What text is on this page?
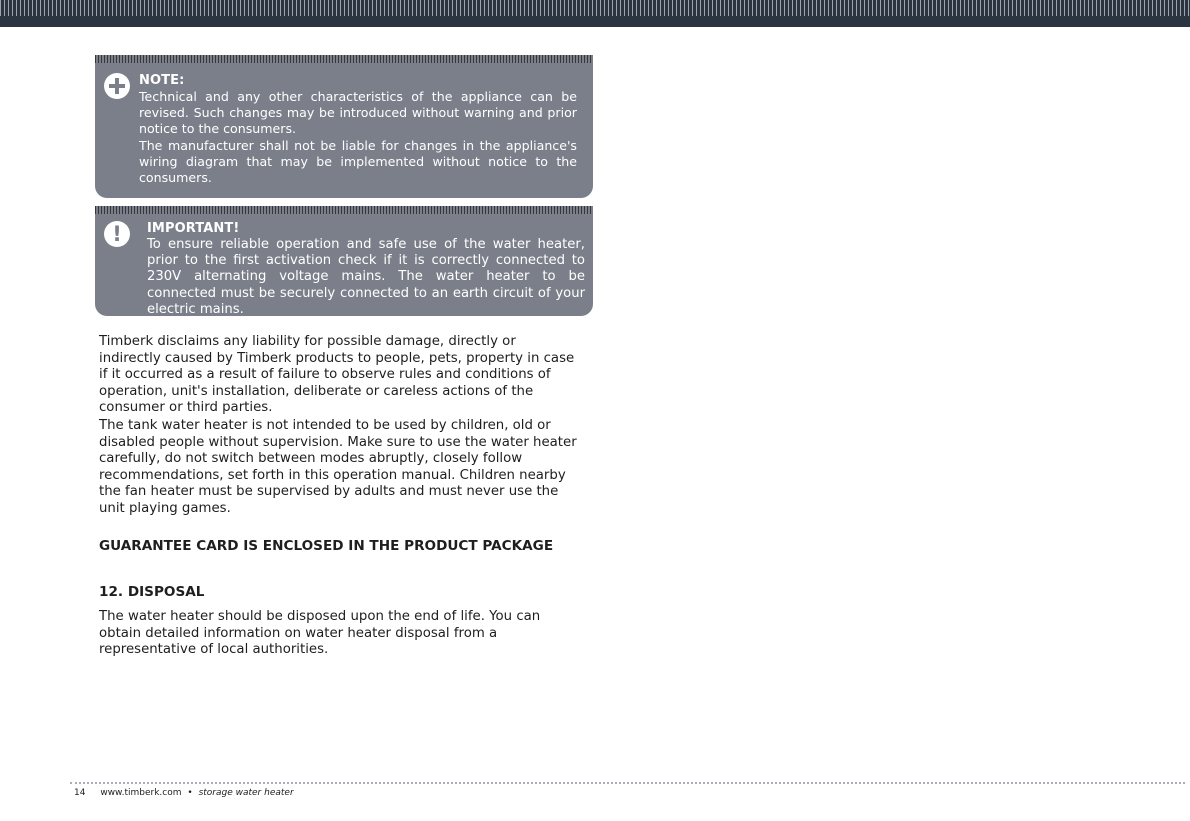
NOTE:

Technical and any other characteristics of the appliance can be revised. Such changes may be introduced without warning and prior notice to the consumers.

The manufacturer shall not be liable for changes in the appliance's wiring diagram that may be implemented without notice to the consumers.

IMPORTANT!

To ensure reliable operation and safe use of the water heater, prior to the first activation check if it is correctly connected to 230V alternating voltage mains. The water heater to be connected must be securely connected to an earth circuit of your electric mains.

!

Timberk disclaims any liability for possible damage, directly or indirectly caused by Timberk products to people, pets, property in case if it occurred as a result of failure to observe rules and conditions of operation, unit's installation, deliberate or careless actions of the consumer or third parties.

The tank water heater is not intended to be used by children, old or disabled people without supervision. Make sure to use the water heater carefully, do not switch between modes abruptly, closely follow recommendations, set forth in this operation manual. Children nearby the fan heater must be supervised by adults and must never use the unit playing games.

GUARANTEE CARD IS ENCLOSED IN THE PRODUCT PACKAGE

12. DISPOSAL

The water heater should be disposed upon the end of life. You can obtain detailed information on water heater disposal from a representative of local authorities.

14 www.timberk.com • storage water heater
